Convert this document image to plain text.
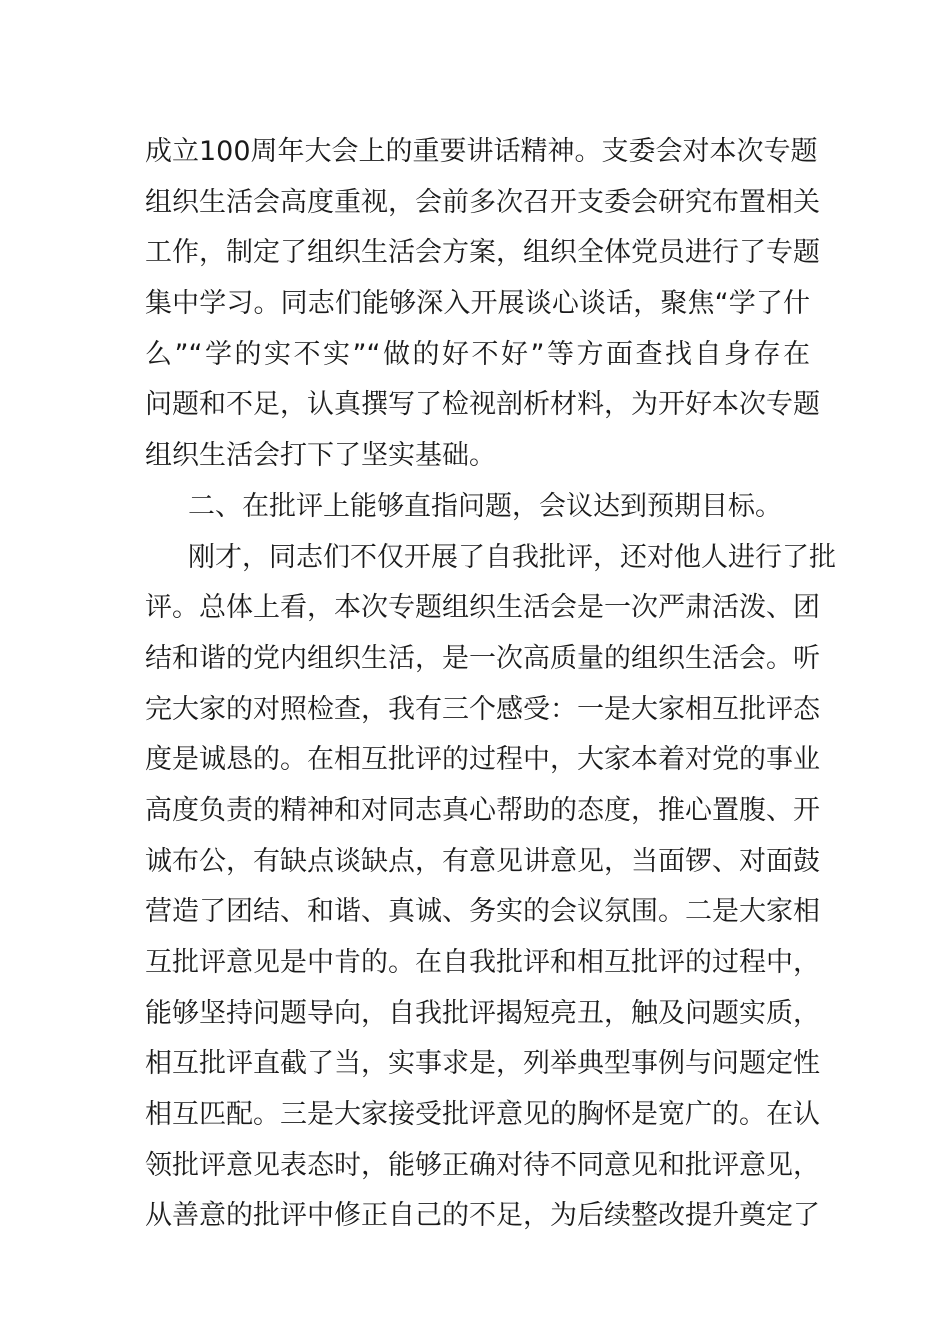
成立100周年大会上的重要讲话精神。支委会对本次专题
组织生活会高度重视，会前多次召开支委会研究布置相关
工作，制定了组织生活会方案，组织全体党员进行了专题
集中学习。同志们能够深入开展谈心谈话，聚焦“学了什
么”“学的实不实”“做的好不好”等方面查找自身存在
问题和不足，认真撰写了检视剖析材料，为开好本次专题
组织生活会打下了坚实基础。
二、在批评上能够直指问题，会议达到预期目标。
刚才，同志们不仅开展了自我批评，还对他人进行了批
评。总体上看，本次专题组织生活会是一次严肃活泼、团
结和谐的党内组织生活，是一次高质量的组织生活会。听
完大家的对照检查，我有三个感受：一是大家相互批评态
度是诚恳的。在相互批评的过程中，大家本着对党的事业
高度负责的精神和对同志真心帮助的态度，推心置腹、开
诚布公，有缺点谈缺点，有意见讲意见，当面锣、对面鼓
营造了团结、和谐、真诚、务实的会议氛围。二是大家相
互批评意见是中肯的。在自我批评和相互批评的过程中，
能够坚持问题导向，自我批评揭短亮丑，触及问题实质，
相互批评直截了当，实事求是，列举典型事例与问题定性
相互匹配。三是大家接受批评意见的胸怀是宽广的。在认
领批评意见表态时，能够正确对待不同意见和批评意见，
从善意的批评中修正自己的不足，为后续整改提升奠定了
